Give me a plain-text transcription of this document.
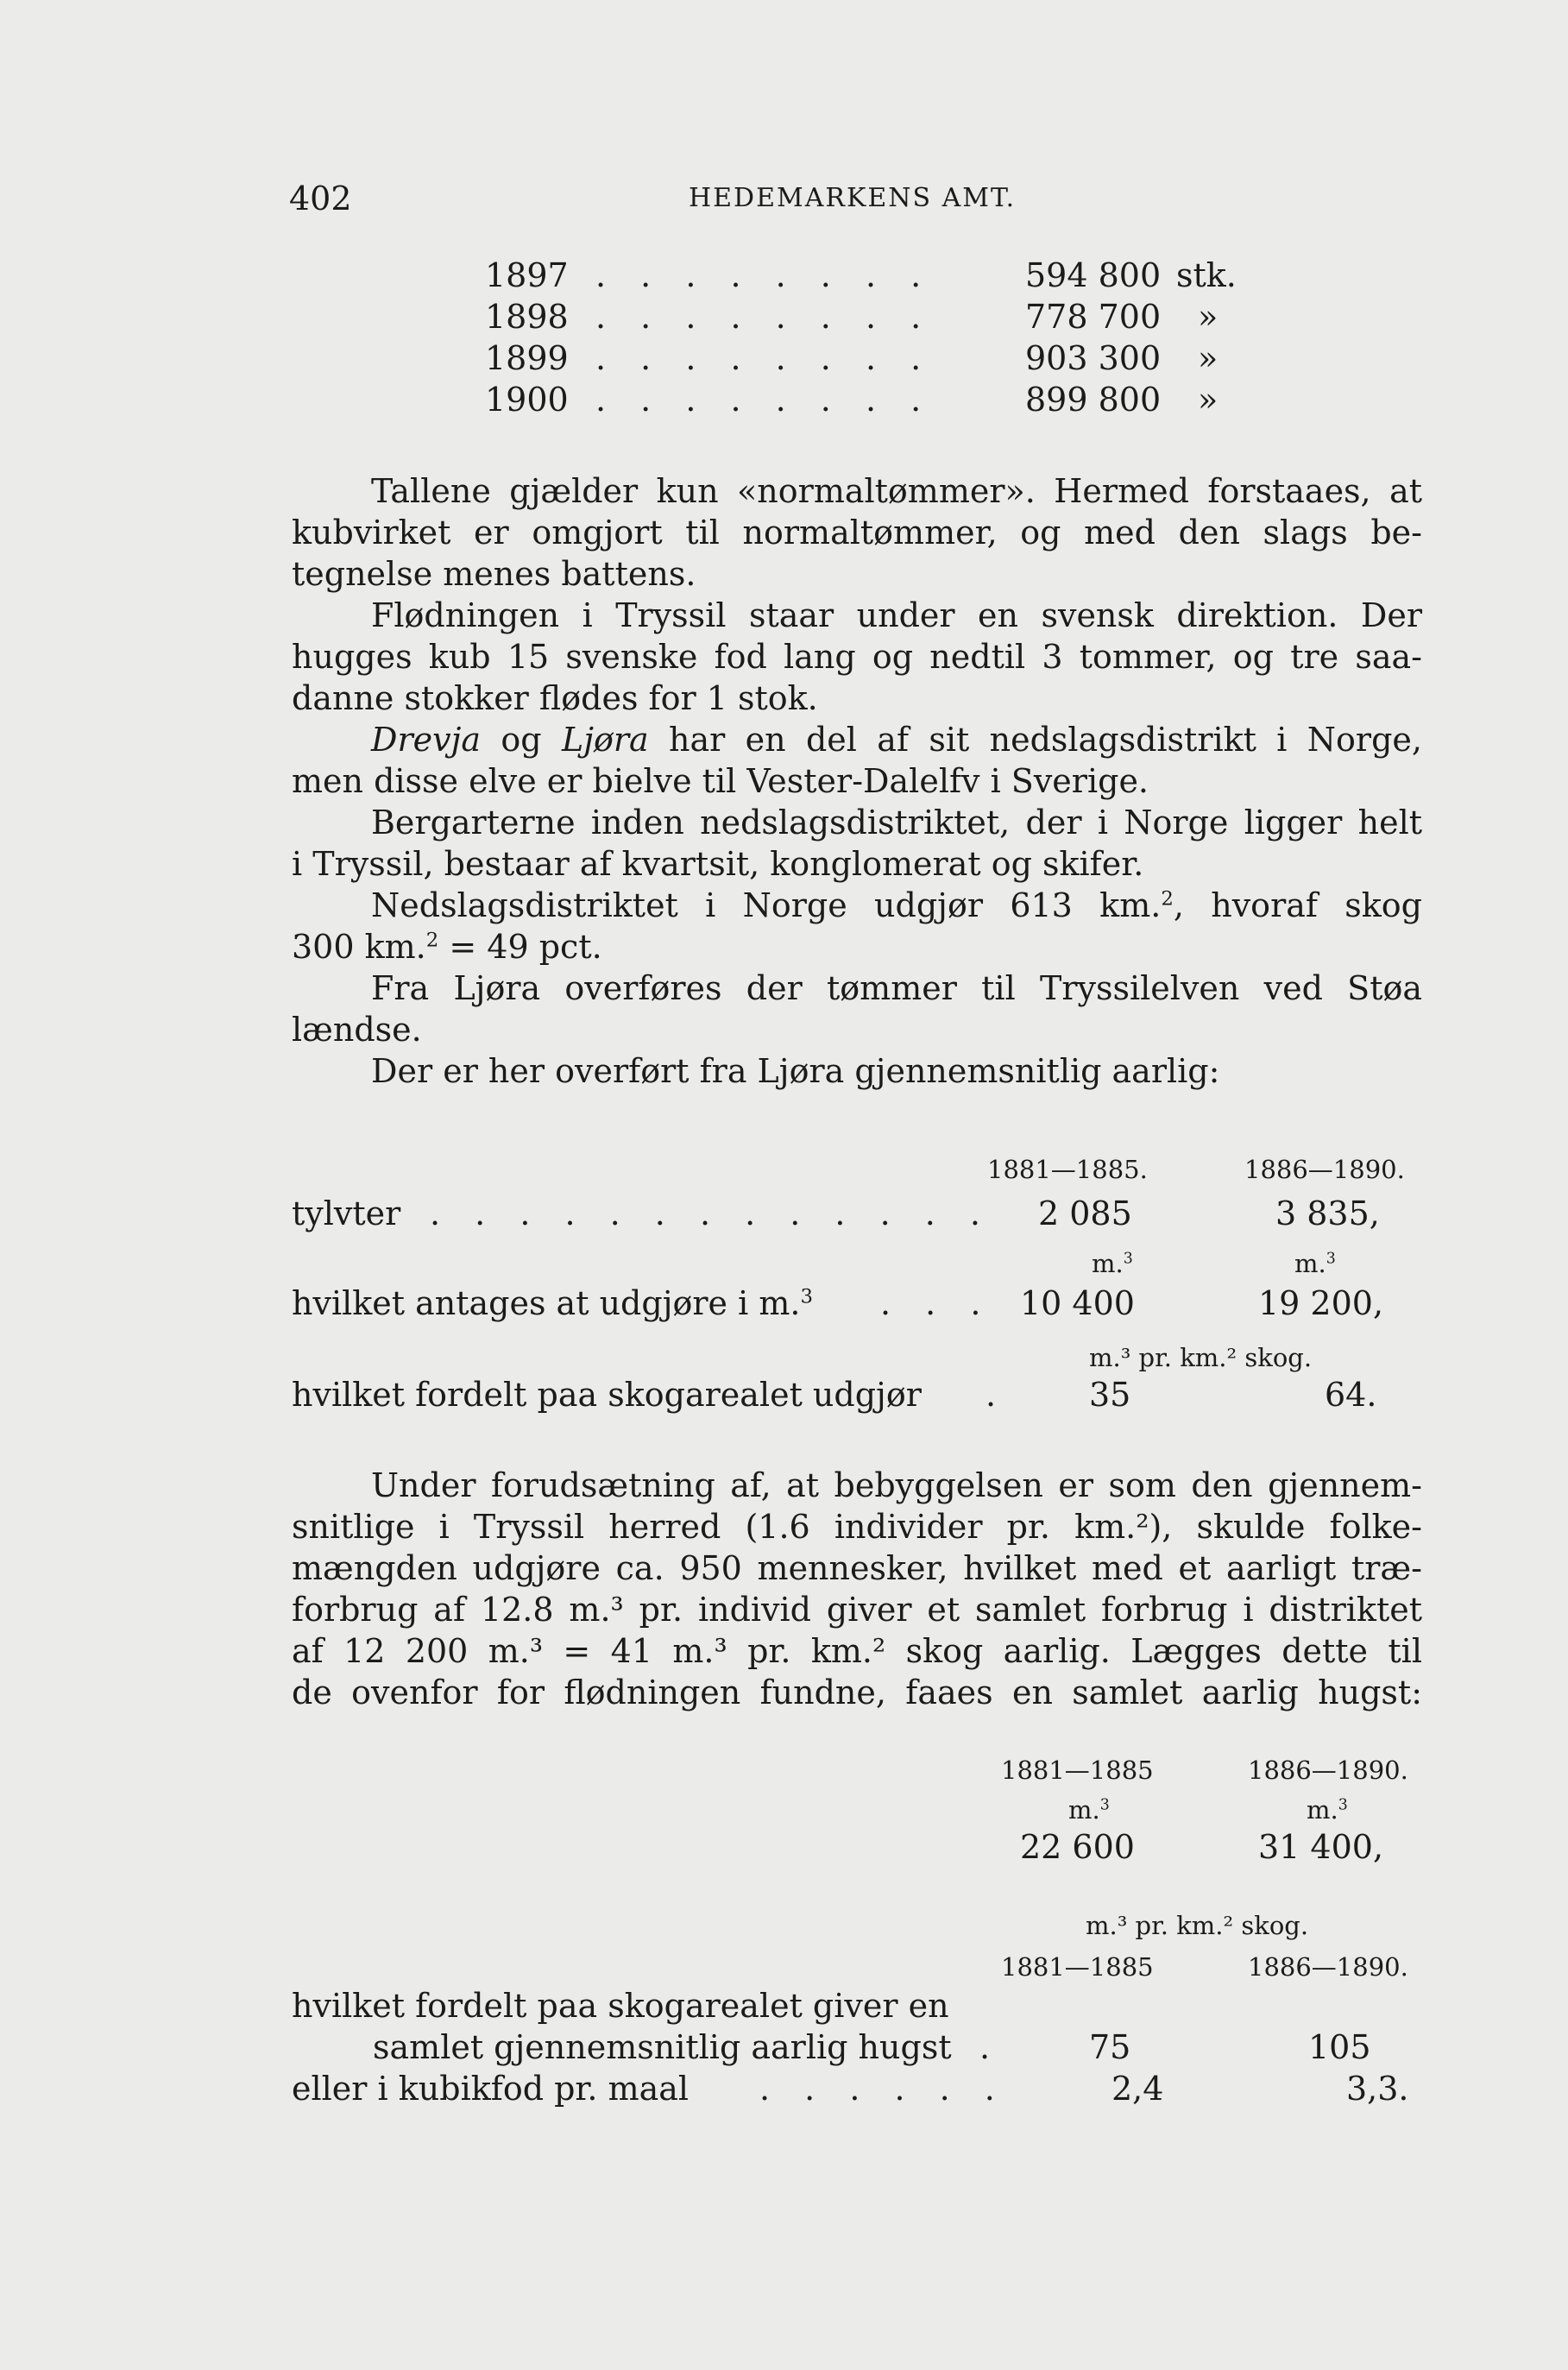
402	HEDEMARKENS AMT.
1897 . . . . . . . .	594 800 stk.
1898 . . . . . . . .	778 700 »
1899 . . . . . . . .	903 300 »
1900 . . . . . . . .	899 800 »
Tallene gjælder kun «normaltømmer». Hermed forstaaes, at
kubvirket er omgjort til normaltømmer, og med den slags be-
tegnelse menes battens.
Flødningen i Tryssil staar under en svensk direktion. Der
hugges kub 15 svenske fod lang og nedtil 3 tommer, og tre saa-
danne stokker flødes for 1 stok.
Drevja og Ljøra har en del af sit nedslagsdistrikt i Norge,
men disse elve er bielve til Vester-Dalelfv i Sverige.
Bergarterne inden nedslagsdistriktet, der i Norge ligger helt
i Tryssil, bestaar af kvartsit, konglomerat og skifer.
Nedslagsdistriktet i Norge udgjør 613 km.$^2$, hvoraf skog
300 km.$^2$ = 49 pct.
Fra Ljøra overføres der tømmer til Tryssilelven ved Støa
lændse.
Der er her overført fra Ljøra gjennemsnitlig aarlig:
1881—1885.	1886—1890.
tylvter . . . . . . . . . . . . . 2 085	3 835,
m.$^3$	m.$^3$
hvilket antages at udgjøre i m.$^3$ . . . 10 400	19 200,
m.³ pr. km.² skog.
hvilket fordelt paa skogarealet udgjør .	35	64.
Under forudsætning af, at bebyggelsen er som den gjennem-
snitlige i Tryssil herred (1.6 individer pr. km.²), skulde folke-
mængden udgjøre ca. 950 mennesker, hvilket med et aarligt træ-
forbrug af 12.8 m.³ pr. individ giver et samlet forbrug i distriktet
af 12 200 m.³ = 41 m.³ pr. km.² skog aarlig. Lægges dette til
de ovenfor for flødningen fundne, faaes en samlet aarlig hugst:
1881—1885	1886—1890.
m.$^3$	m.$^3$
22 600	31 400,
m.³ pr. km.² skog.
1881—1885	1886—1890.
hvilket fordelt paa skogarealet giver en
samlet gjennemsnitlig aarlig hugst .	75	105
eller i kubikfod pr. maal . . . . . .	2,4	3,3.
